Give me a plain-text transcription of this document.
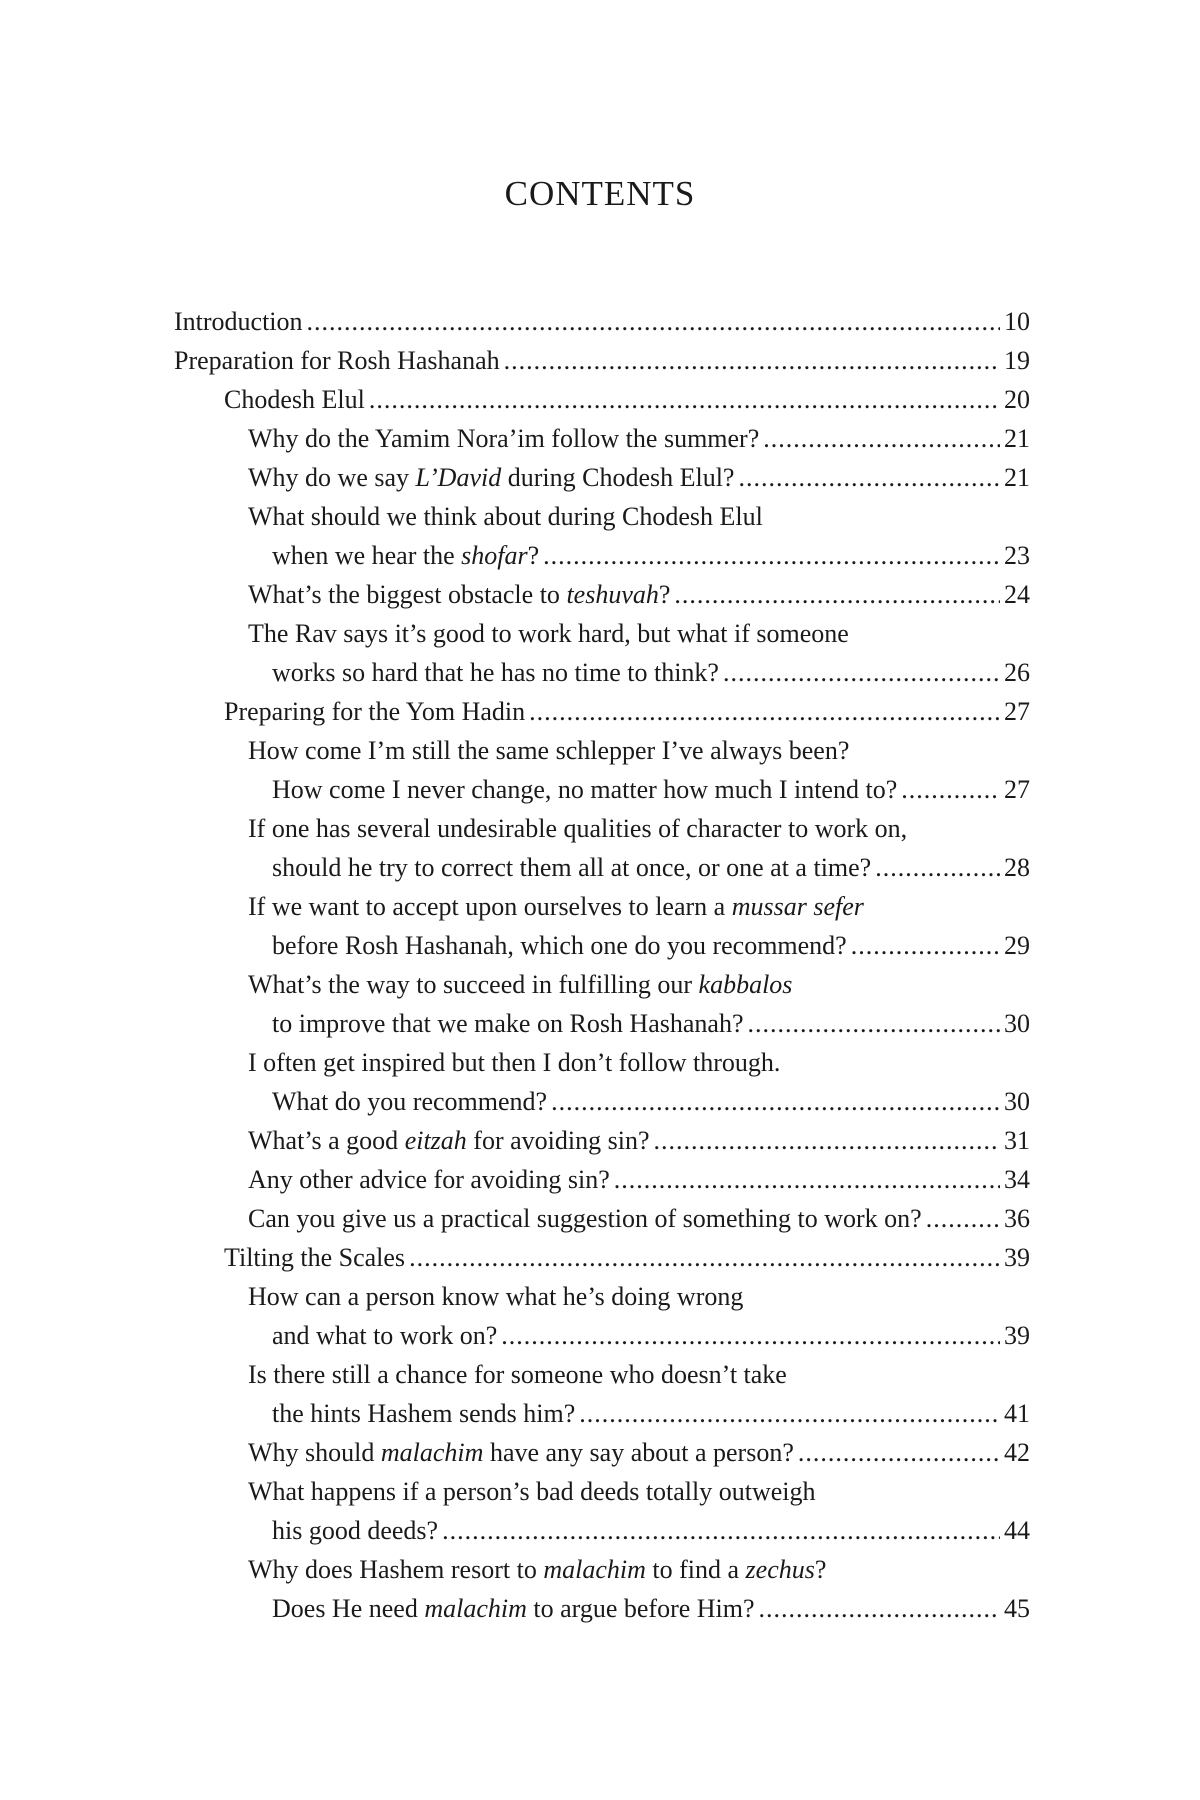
CONTENTS
Introduction .....	10
Preparation for Rosh Hashanah .....	19
Chodesh Elul .....	20
Why do the Yamim Nora’im follow the summer? .....	21
Why do we say L’David during Chodesh Elul? .....	21
What should we think about during Chodesh Elul
when we hear the shofar? .....	23
What’s the biggest obstacle to teshuvah? .....	24
The Rav says it’s good to work hard, but what if someone
works so hard that he has no time to think? .....	26
Preparing for the Yom Hadin .....	27
How come I’m still the same schlepper I’ve always been?
How come I never change, no matter how much I intend to? .....	27
If one has several undesirable qualities of character to work on,
should he try to correct them all at once, or one at a time? .....	28
If we want to accept upon ourselves to learn a mussar sefer
before Rosh Hashanah, which one do you recommend? .....	29
What’s the way to succeed in fulfilling our kabbalos
to improve that we make on Rosh Hashanah? .....	30
I often get inspired but then I don’t follow through.
What do you recommend? .....	30
What’s a good eitzah for avoiding sin? .....	31
Any other advice for avoiding sin? .....	34
Can you give us a practical suggestion of something to work on? .....	36
Tilting the Scales .....	39
How can a person know what he’s doing wrong
and what to work on? .....	39
Is there still a chance for someone who doesn’t take
the hints Hashem sends him? .....	41
Why should malachim have any say about a person? .....	42
What happens if a person’s bad deeds totally outweigh
his good deeds? .....	44
Why does Hashem resort to malachim to find a zechus?
Does He need malachim to argue before Him? .....	45
